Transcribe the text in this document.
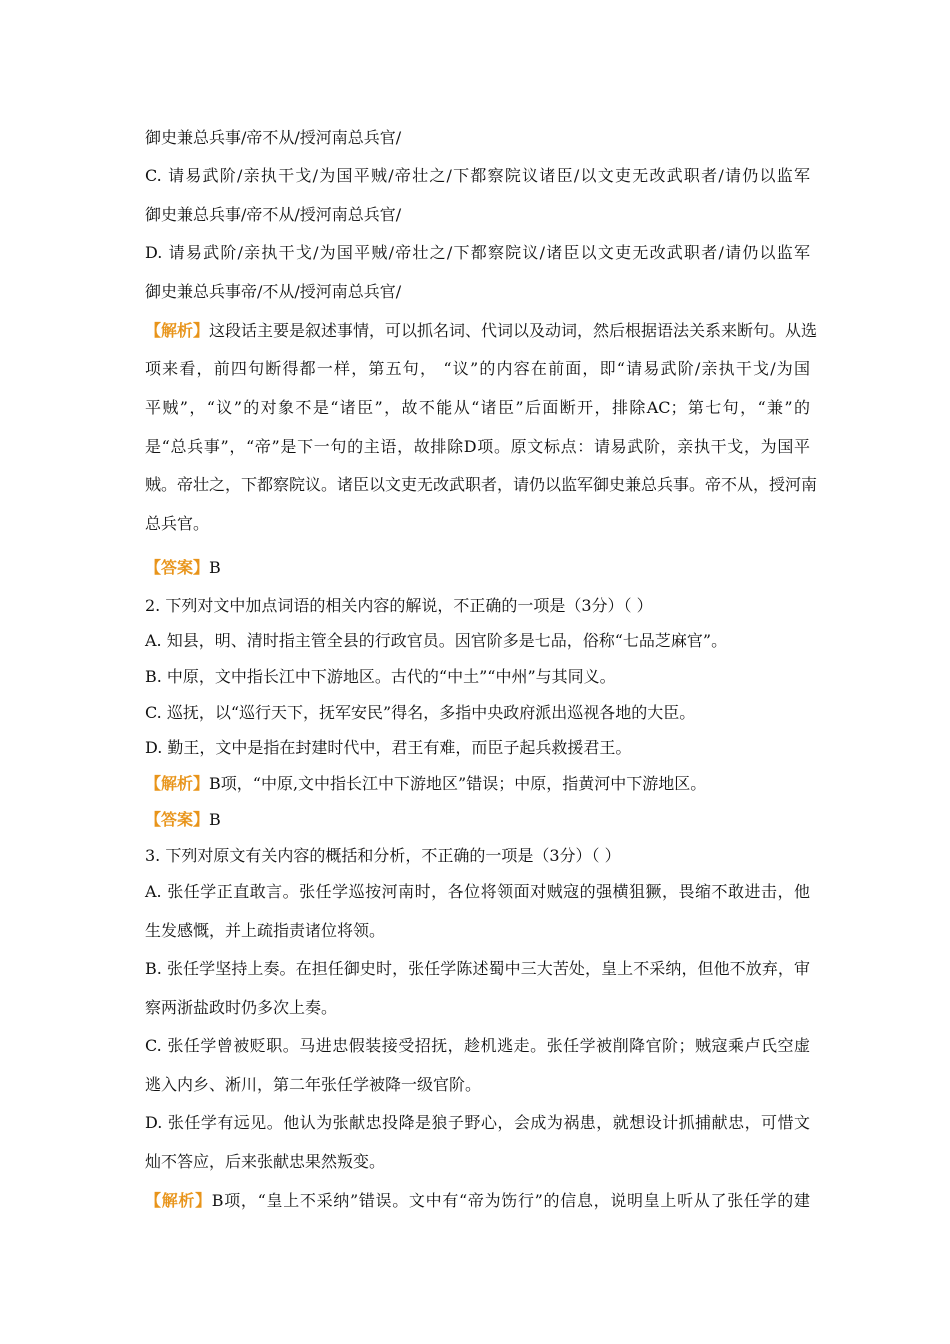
御史兼总兵事/帝不从/授河南总兵官/
C. 请易武阶/亲执干戈/为国平贼/帝壮之/下都察院议诸臣/以文吏无改武职者/请仍以监军
御史兼总兵事/帝不从/授河南总兵官/
D. 请易武阶/亲执干戈/为国平贼/帝壮之/下都察院议/诸臣以文吏无改武职者/请仍以监军
御史兼总兵事帝/不从/授河南总兵官/
【解析】这段话主要是叙述事情，可以抓名词、代词以及动词，然后根据语法关系来断句。从选
项来看，前四句断得都一样，第五句， “议”的内容在前面，即“请易武阶/亲执干戈/为国
平贼”，“议”的对象不是“诸臣”，故不能从“诸臣”后面断开，排除AC；第七句，“兼”的
是“总兵事”，“帝”是下一句的主语，故排除D项。原文标点：请易武阶，亲执干戈，为国平
贼。帝壮之，下都察院议。诸臣以文吏无改武职者，请仍以监军御史兼总兵事。帝不从，授河南
总兵官。
【答案】B
2. 下列对文中加点词语的相关内容的解说，不正确的一项是（3分）（ ）
A. 知县，明、清时指主管全县的行政官员。因官阶多是七品，俗称“七品芝麻官”。
B. 中原，文中指长江中下游地区。古代的“中土”“中州”与其同义。
C. 巡抚，以“巡行天下，抚军安民”得名，多指中央政府派出巡视各地的大臣。
D. 勤王，文中是指在封建时代中，君王有难，而臣子起兵救援君王。
【解析】B项，“中原,文中指长江中下游地区”错误；中原，指黄河中下游地区。
【答案】B
3. 下列对原文有关内容的概括和分析，不正确的一项是（3分）（ ）
A. 张任学正直敢言。张任学巡按河南时，各位将领面对贼寇的强横狙獗，畏缩不敢进击，他
生发感慨，并上疏指责诸位将领。
B. 张任学坚持上奏。在担任御史时，张任学陈述蜀中三大苦处，皇上不采纳，但他不放弃，审
察两浙盐政时仍多次上奏。
C. 张任学曾被贬职。马进忠假装接受招抚，趁机逃走。张任学被削降官阶；贼寇乘卢氏空虚
逃入内乡、淅川，第二年张任学被降一级官阶。
D. 张任学有远见。他认为张献忠投降是狼子野心，会成为祸患，就想设计抓捕献忠，可惜文
灿不答应，后来张献忠果然叛变。
【解析】B项，“皇上不采纳”错误。文中有“帝为饬行”的信息，说明皇上听从了张任学的建
